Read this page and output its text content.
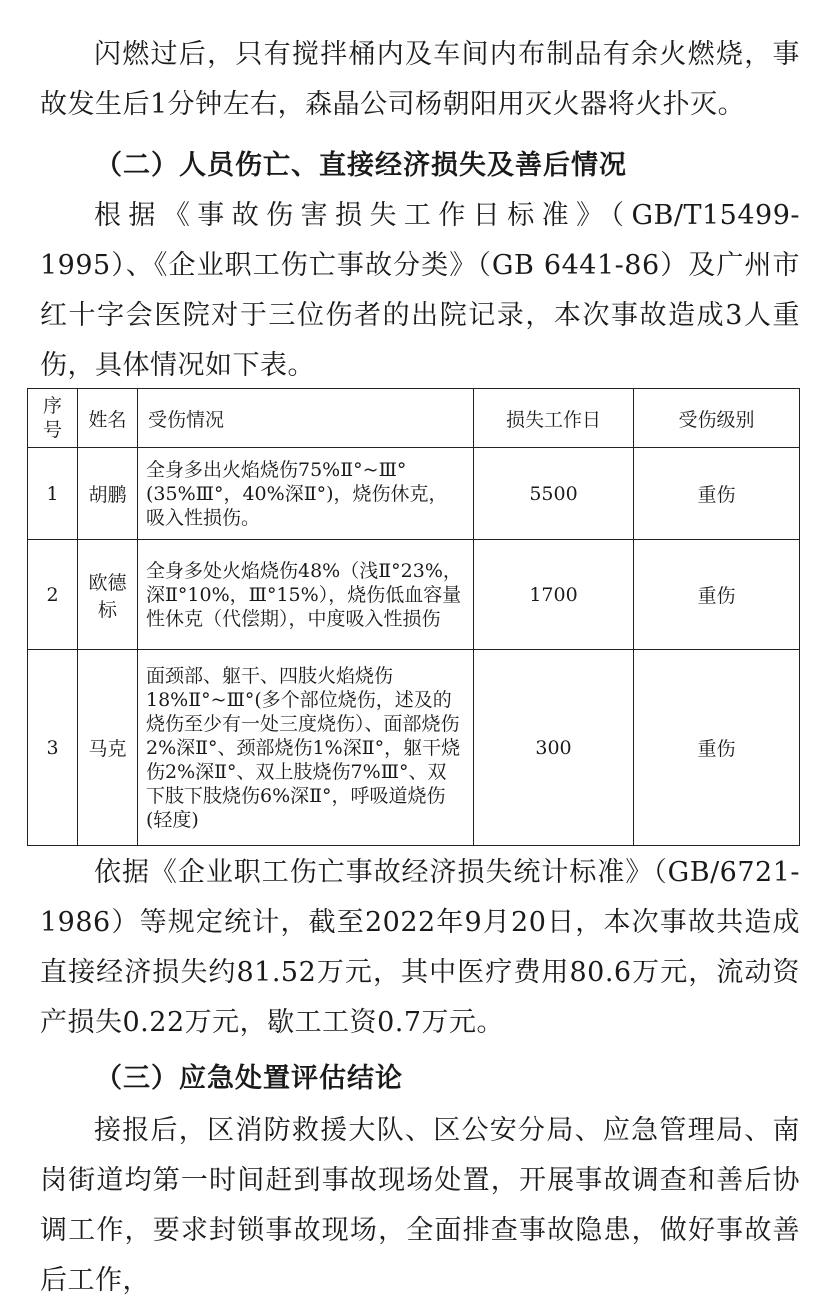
闪燃过后，只有搅拌桶内及车间内布制品有余火燃烧，事故发生后1分钟左右，森晶公司杨朝阳用灭火器将火扑灭。

（二）人员伤亡、直接经济损失及善后情况

根据《事故伤害损失工作日标准》（GB/T15499-1995）、《企业职工伤亡事故分类》（GB 6441-86）及广州市红十字会医院对于三位伤者的出院记录，本次事故造成3人重伤，具体情况如下表。

序号	姓名	受伤情况	损失工作日	受伤级别
1	胡鹏	全身多出火焰烧伤75%Ⅱ°~Ⅲ°(35%Ⅲ°，40%深Ⅱ°)，烧伤休克，吸入性损伤。	5500	重伤
2	欧德标	全身多处火焰烧伤48%（浅Ⅱ°23%，深Ⅱ°10%，Ⅲ°15%），烧伤低血容量性休克（代偿期），中度吸入性损伤	1700	重伤
3	马克	面颈部、躯干、四肢火焰烧伤18%Ⅱ°~Ⅲ°(多个部位烧伤，述及的烧伤至少有一处三度烧伤）、面部烧伤2%深Ⅱ°、颈部烧伤1%深Ⅱ°，躯干烧伤2%深Ⅱ°、双上肢烧伤7%Ⅲ°、双下肢下肢烧伤6%深Ⅱ°，呼吸道烧伤(轻度)	300	重伤

依据《企业职工伤亡事故经济损失统计标准》（GB/6721-1986）等规定统计，截至2022年9月20日，本次事故共造成直接经济损失约81.52万元，其中医疗费用80.6万元，流动资产损失0.22万元，歇工工资0.7万元。

（三）应急处置评估结论

接报后，区消防救援大队、区公安分局、应急管理局、南岗街道均第一时间赶到事故现场处置，开展事故调查和善后协调工作，要求封锁事故现场，全面排查事故隐患，做好事故善后工作，
